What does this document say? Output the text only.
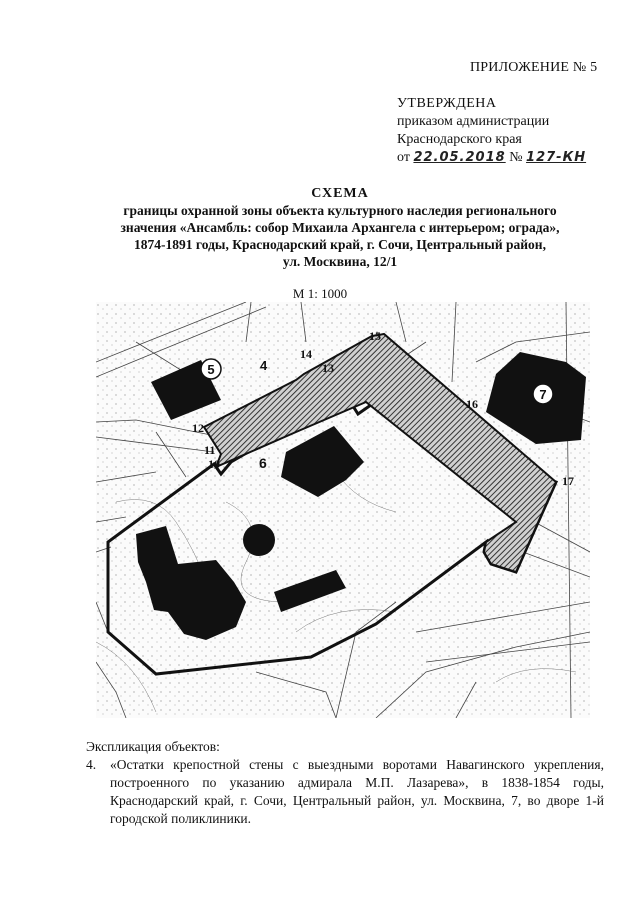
ПРИЛОЖЕНИЕ № 5
УТВЕРЖДЕНА
приказом администрации
Краснодарского края
от 22.05.2018 № 127-КН
СХЕМА
границы охранной зоны объекта культурного наследия регионального
значения «Ансамбль: собор Михаила Архангела с интерьером; ограда»,
1874-1891 годы, Краснодарский край, г. Сочи, Центральный район,
ул. Москвина, 12/1
М 1: 1000
5
7
4
6
10
11
12
13
14
15
16
17
Экспликация объектов:
4.	«Остатки крепостной стены с выездными воротами Навагинского укрепления, построенного по указанию адмирала М.П. Лазарева», в 1838-1854 годы, Краснодарский край, г. Сочи, Центральный район, ул. Москвина, 7, во дворе 1-й городской поликлиники.
